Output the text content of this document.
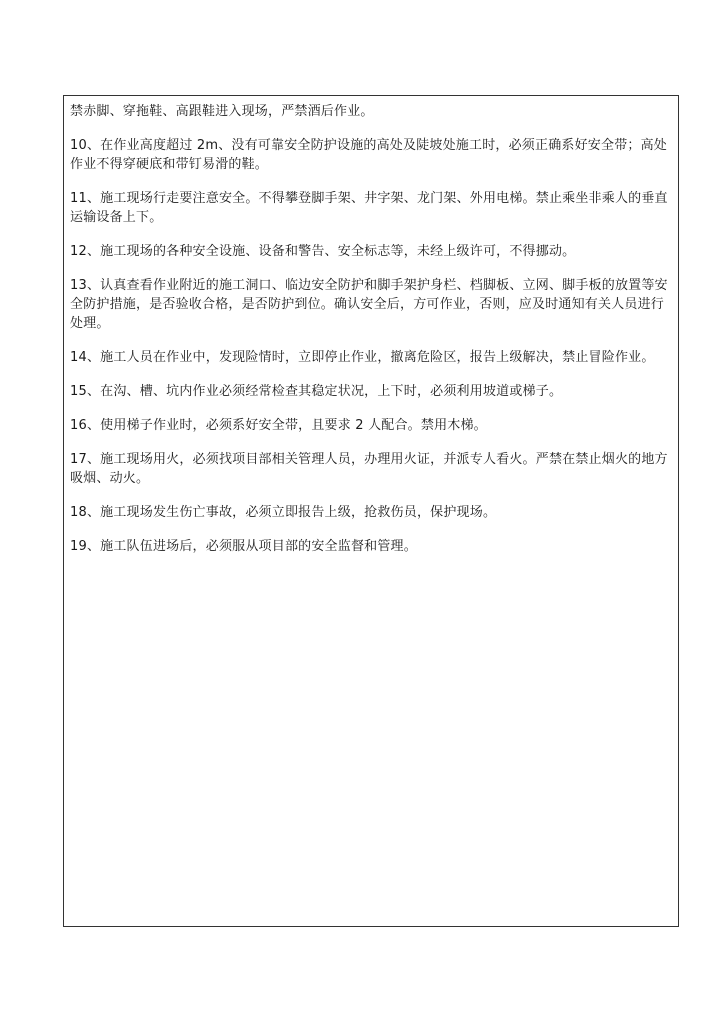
禁赤脚、穿拖鞋、高跟鞋进入现场，严禁酒后作业。

10、在作业高度超过 2m、没有可靠安全防护设施的高处及陡坡处施工时，必须正确系好安全带；高处作业不得穿硬底和带钉易滑的鞋。

11、施工现场行走要注意安全。不得攀登脚手架、井字架、龙门架、外用电梯。禁止乘坐非乘人的垂直运输设备上下。

12、施工现场的各种安全设施、设备和警告、安全标志等，未经上级许可，不得挪动。

13、认真查看作业附近的施工洞口、临边安全防护和脚手架护身栏、档脚板、立网、脚手板的放置等安全防护措施，是否验收合格，是否防护到位。确认安全后，方可作业，否则，应及时通知有关人员进行处理。

14、施工人员在作业中，发现险情时，立即停止作业，撤离危险区，报告上级解决，禁止冒险作业。

15、在沟、槽、坑内作业必须经常检查其稳定状况，上下时，必须利用坡道或梯子。

16、使用梯子作业时，必须系好安全带，且要求 2 人配合。禁用木梯。

17、施工现场用火，必须找项目部相关管理人员，办理用火证，并派专人看火。严禁在禁止烟火的地方吸烟、动火。

18、施工现场发生伤亡事故，必须立即报告上级，抢救伤员，保护现场。

19、施工队伍进场后，必须服从项目部的安全监督和管理。
